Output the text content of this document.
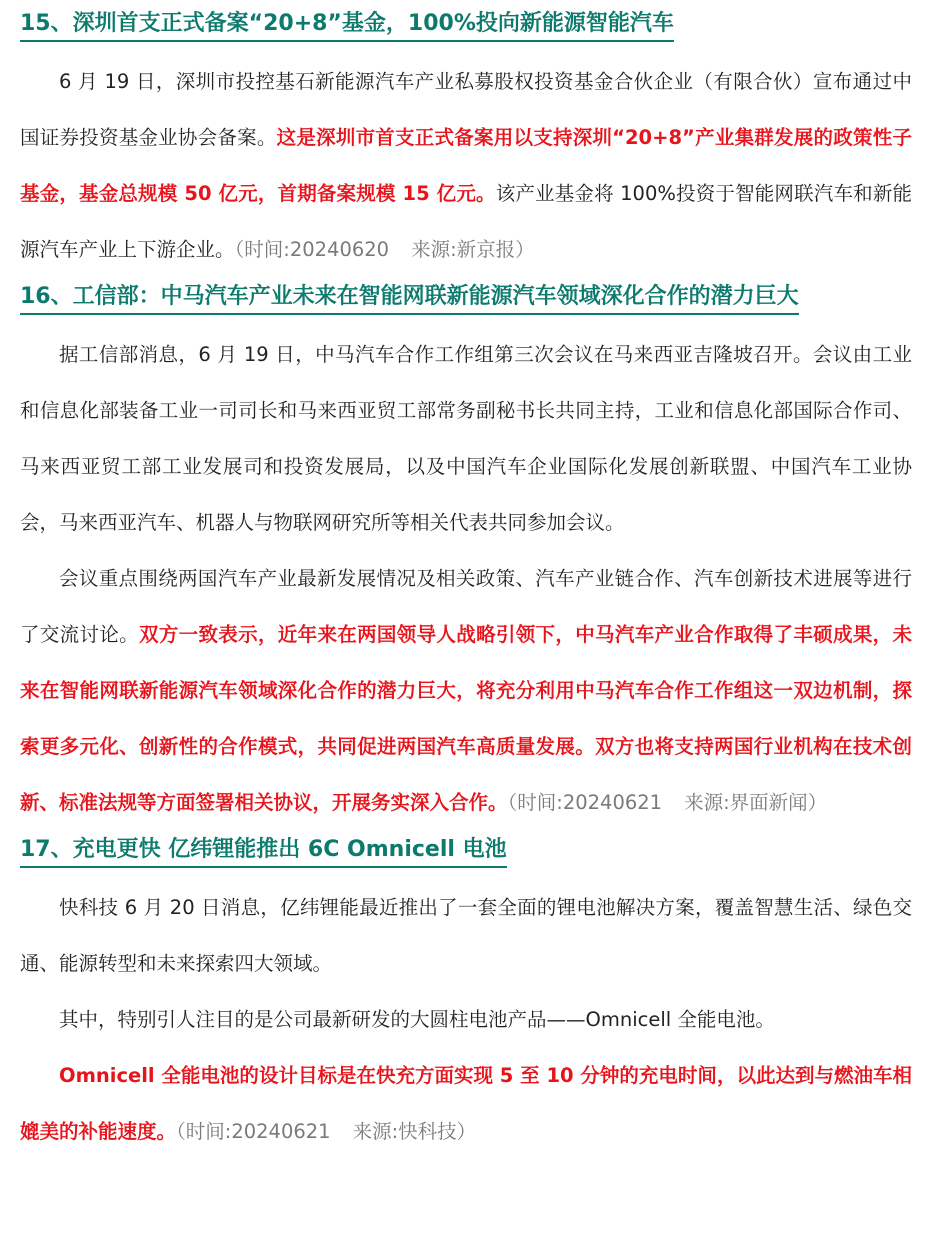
15、深圳首支正式备案“20+8”基金，100%投向新能源智能汽车

6 月 19 日，深圳市投控基石新能源汽车产业私募股权投资基金合伙企业（有限合伙）宣布通过中国证券投资基金业协会备案。这是深圳市首支正式备案用以支持深圳“20+8”产业集群发展的政策性子基金，基金总规模 50 亿元，首期备案规模 15 亿元。该产业基金将 100%投资于智能网联汽车和新能源汽车产业上下游企业。（时间:20240620 来源:新京报）

16、工信部：中马汽车产业未来在智能网联新能源汽车领域深化合作的潜力巨大

据工信部消息，6 月 19 日，中马汽车合作工作组第三次会议在马来西亚吉隆坡召开。会议由工业和信息化部装备工业一司司长和马来西亚贸工部常务副秘书长共同主持，工业和信息化部国际合作司、马来西亚贸工部工业发展司和投资发展局，以及中国汽车企业国际化发展创新联盟、中国汽车工业协会，马来西亚汽车、机器人与物联网研究所等相关代表共同参加会议。

会议重点围绕两国汽车产业最新发展情况及相关政策、汽车产业链合作、汽车创新技术进展等进行了交流讨论。双方一致表示，近年来在两国领导人战略引领下，中马汽车产业合作取得了丰硕成果，未来在智能网联新能源汽车领域深化合作的潜力巨大，将充分利用中马汽车合作工作组这一双边机制，探索更多元化、创新性的合作模式，共同促进两国汽车高质量发展。双方也将支持两国行业机构在技术创新、标准法规等方面签署相关协议，开展务实深入合作。（时间:20240621 来源:界面新闻）

17、充电更快 亿纬锂能推出 6C Omnicell 电池

快科技 6 月 20 日消息，亿纬锂能最近推出了一套全面的锂电池解决方案，覆盖智慧生活、绿色交通、能源转型和未来探索四大领域。

其中，特别引人注目的是公司最新研发的大圆柱电池产品——Omnicell 全能电池。

Omnicell 全能电池的设计目标是在快充方面实现 5 至 10 分钟的充电时间，以此达到与燃油车相媲美的补能速度。（时间:20240621 来源:快科技）
